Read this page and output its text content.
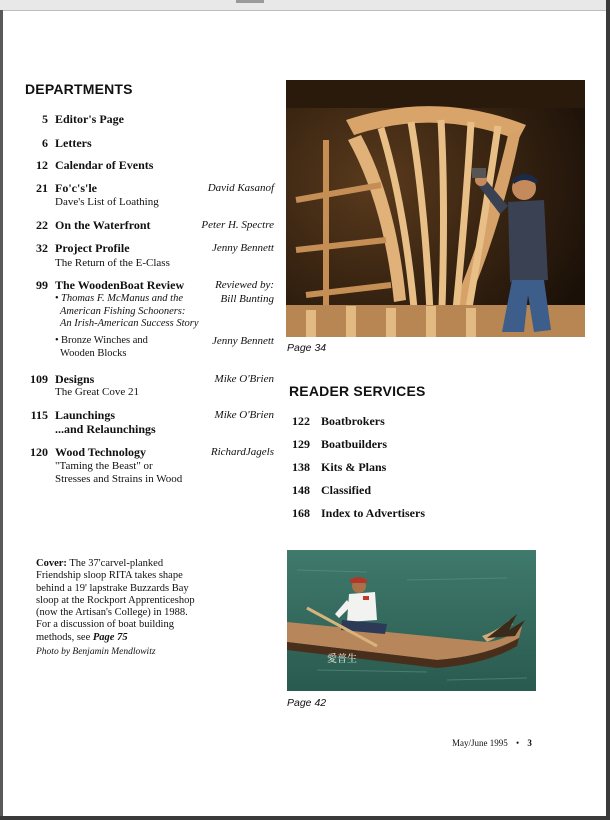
DEPARTMENTS
5 Editor's Page
6 Letters
12 Calendar of Events
21 Fo'c's'le	David Kasanof
Dave's List of Loathing
22 On the Waterfront	Peter H. Spectre
32 Project Profile	Jenny Bennett
The Return of the E-Class
99 The WoodenBoat Review	Reviewed by:
Bill Bunting
• Thomas F. McManus and the
American Fishing Schooners:
An Irish-American Success Story
• Bronze Winches and
Wooden Blocks
Jenny Bennett
109 Designs	Mike O'Brien
The Great Cove 21
115 Launchings	Mike O'Brien
...and Relaunchings
120 Wood Technology	RichardJagels
"Taming the Beast" or
Stresses and Strains in Wood
Page 34
READER SERVICES
122 Boatbrokers
129 Boatbuilders
138 Kits & Plans
148 Classified
168 Index to Advertisers
Cover: The 37'carvel-planked
Friendship sloop RITA takes shape
behind a 19' lapstrake Buzzards Bay
sloop at the Rockport Apprenticeshop
(now the Artisan's College) in 1988.
For a discussion of boat building
methods, see Page 75
Photo by Benjamin Mendlowitz
愛普生
Page 42
May/June 1995 • 3
